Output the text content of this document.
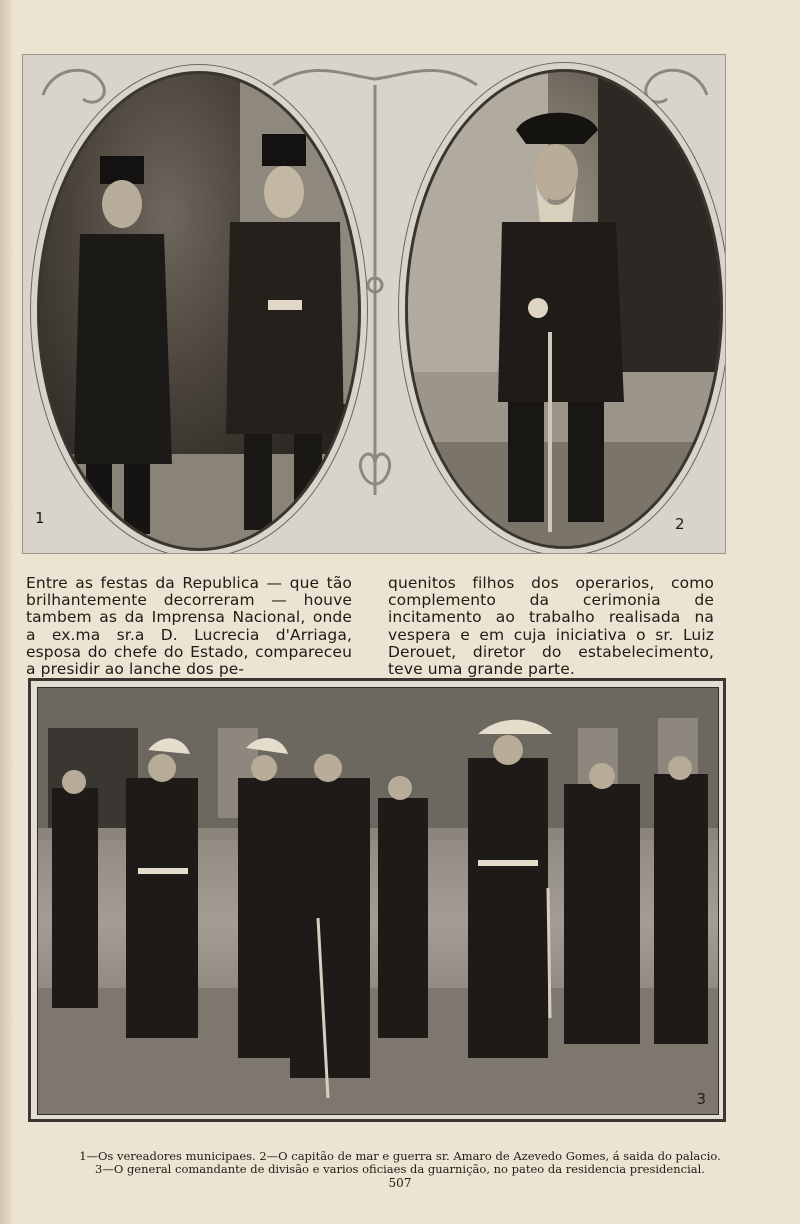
1	2

Entre as festas da Republica — que tão brilhantemente decorreram — houve tambem as da Imprensa Nacional, onde a ex.ma sr.a D. Lucrecia d'Arriaga, esposa do chefe do Estado, compareceu a presidir ao lanche dos pe-

quenitos filhos dos operarios, como complemento da cerimonia de incitamento ao trabalho realisada na vespera e em cuja iniciativa o sr. Luiz Derouet, diretor do estabelecimento, teve uma grande parte.

3
1—Os vereadores municipaes. 2—O capitão de mar e guerra sr. Amaro de Azevedo Gomes, á saida do palacio.
3—O general comandante de divisão e varios oficiaes da guarnição, no pateo da residencia presidencial.
507
